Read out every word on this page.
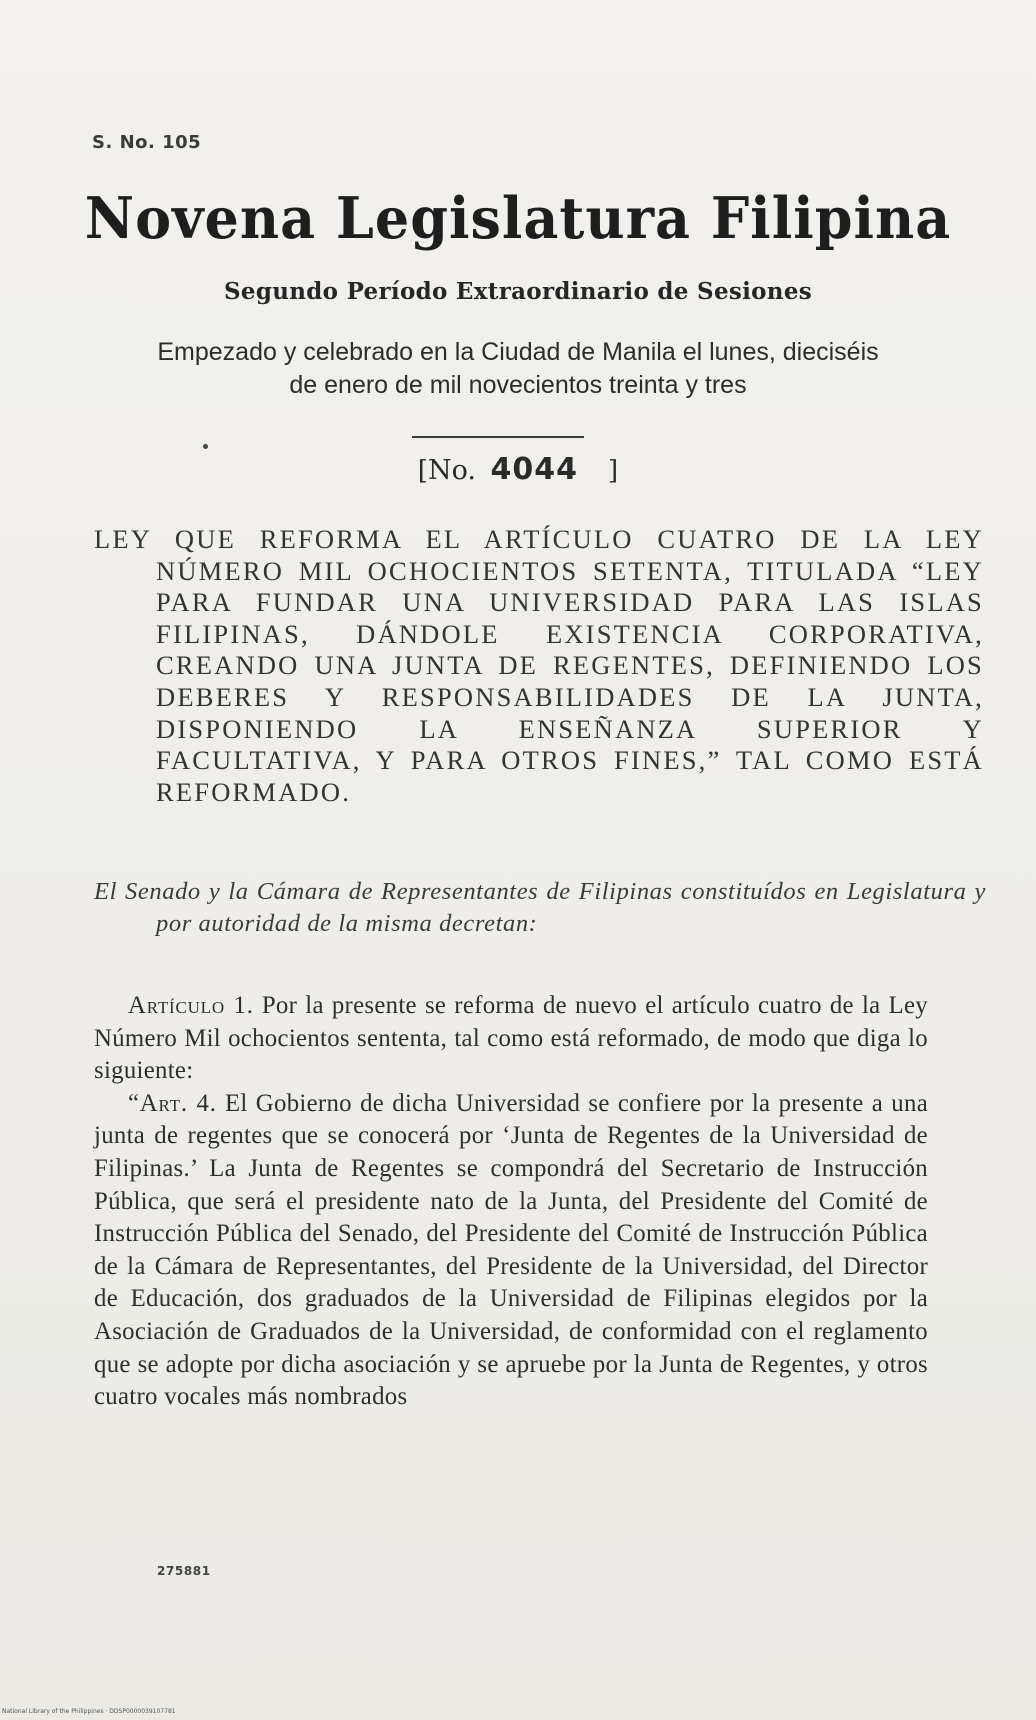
S. No. 105
Novena Legislatura Filipina
Segundo Período Extraordinario de Sesiones
Empezado y celebrado en la Ciudad de Manila el lunes, dieciséis
de enero de mil novecientos treinta y tres
[No. 4044 ]
LEY QUE REFORMA EL ARTÍCULO CUATRO DE LA LEY NÚMERO MIL OCHOCIENTOS SETENTA, TITULADA “LEY PARA FUNDAR UNA UNIVERSIDAD PARA LAS ISLAS FILIPINAS, DÁNDOLE EXISTENCIA CORPORATIVA, CREANDO UNA JUNTA DE REGENTES, DEFINIENDO LOS DEBERES Y RESPONSABILIDADES DE LA JUNTA, DISPONIENDO LA ENSEÑANZA SUPERIOR Y FACULTATIVA, Y PARA OTROS FINES,” TAL COMO ESTÁ REFORMADO.
El Senado y la Cámara de Representantes de Filipinas constituídos en Legislatura y por autoridad de la misma decretan:

Artículo 1. Por la presente se reforma de nuevo el artículo cuatro de la Ley Número Mil ochocientos sententa, tal como está reformado, de modo que diga lo siguiente:

“Art. 4. El Gobierno de dicha Universidad se confiere por la presente a una junta de regentes que se conocerá por ‘Junta de Regentes de la Universidad de Filipinas.’ La Junta de Regentes se compondrá del Secretario de Instrucción Pública, que será el presidente nato de la Junta, del Presidente del Comité de Instrucción Pública del Senado, del Presidente del Comité de Instrucción Pública de la Cámara de Representantes, del Presidente de la Universidad, del Director de Educación, dos graduados de la Universidad de Filipinas elegidos por la Asociación de Graduados de la Universidad, de conformidad con el reglamento que se adopte por dicha asociación y se apruebe por la Junta de Regentes, y otros cuatro vocales más nombrados

275881
National Library of the Philippines · DDSP0000039107781
